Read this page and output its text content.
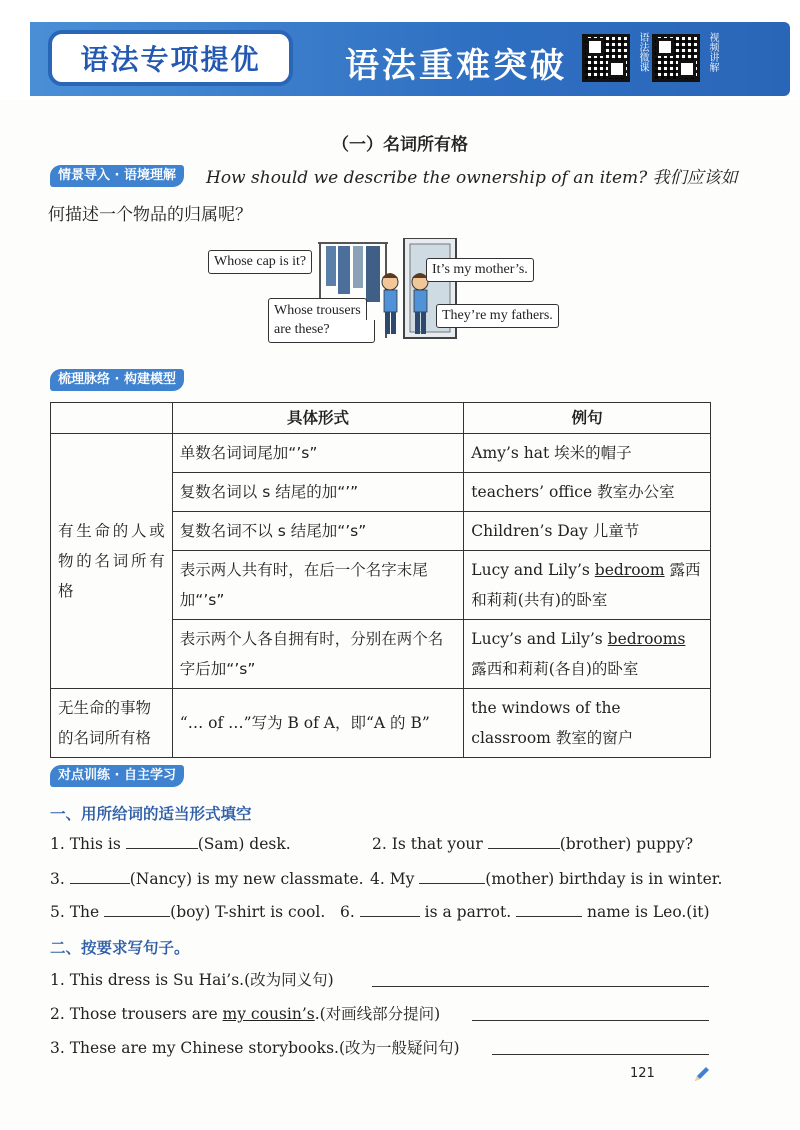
语法专项提优 语法重难突破	语法微课	视频讲解
（一）名词所有格
情景导入 · 语境理解	How should we describe the ownership of an item? 我们应该如
何描述一个物品的归属呢？
Whose cap is it?
It’s my mother’s.
Whose trousers
are these?
They’re my fathers.
梳理脉络 · 构建模型
	具体形式	例句
有生命的人或物的名词所有格	单数名词词尾加“’s”	Amy’s hat 埃米的帽子
	复数名词以 s 结尾的加“’”	teachers’ office 教室办公室
	复数名词不以 s 结尾加“’s”	Children’s Day 儿童节
	表示两人共有时，在后一个名字末尾加“’s”	Lucy and Lily’s bedroom 露西和莉莉(共有)的卧室
	表示两个人各自拥有时，分别在两个名字后加“’s”	Lucy’s and Lily’s bedrooms 露西和莉莉(各自)的卧室
无生命的事物的名词所有格	“… of …”写为 B of A，即“A 的 B”	the windows of the classroom 教室的窗户
对点训练 · 自主学习
一、用所给词的适当形式填空
1. This is	(Sam) desk.	2. Is that your	(brother) puppy?
3.	(Nancy) is my new classmate. 4. My	(mother) birthday is in winter.
5. The	(boy) T-shirt is cool. 6.	is a parrot.	name is Leo.(it)
二、按要求写句子。
1. This dress is Su Hai’s.(改为同义句)
2. Those trousers are my cousin’s.(对画线部分提问)
3. These are my Chinese storybooks.(改为一般疑问句)
121
